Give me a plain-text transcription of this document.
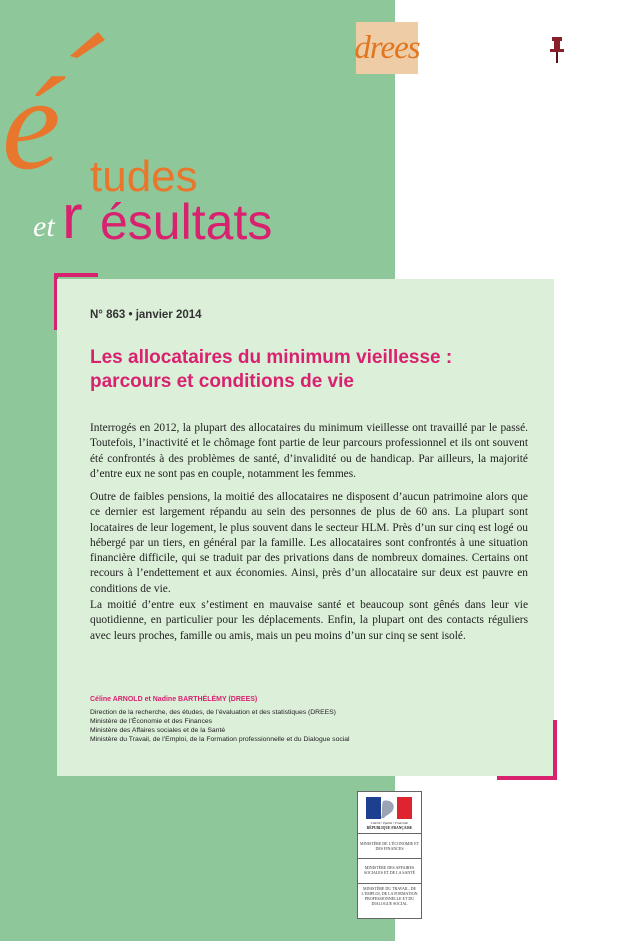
drees
é tudes
et r ésultats
N° 863 • janvier 2014
Les allocataires du minimum vieillesse :
parcours et conditions de vie

Interrogés en 2012, la plupart des allocataires du minimum vieillesse ont travaillé par le passé. Toutefois, l’inactivité et le chômage font partie de leur parcours professionnel et ils ont souvent été confrontés à des problèmes de santé, d’invalidité ou de handicap. Par ailleurs, la majorité d’entre eux ne sont pas en couple, notamment les femmes.

Outre de faibles pensions, la moitié des allocataires ne disposent d’aucun patrimoine alors que ce dernier est largement répandu au sein des personnes de plus de 60 ans. La plupart sont locataires de leur logement, le plus souvent dans le secteur HLM. Près d’un sur cinq est logé ou hébergé par un tiers, en général par la famille. Les allocataires sont confrontés à une situation financière difficile, qui se traduit par des privations dans de nombreux domaines. Certains ont recours à l’endettement et aux économies. Ainsi, près d’un allocataire sur deux est pauvre en conditions de vie.

La moitié d’entre eux s’estiment en mauvaise santé et beaucoup sont gênés dans leur vie quotidienne, en particulier pour les déplacements. Enfin, la plupart ont des contacts réguliers avec leurs proches, famille ou amis, mais un peu moins d’un sur cinq se sent isolé.

Céline ARNOLD et Nadine BARTHÉLÉMY (DREES)
Direction de la recherche, des études, de l’évaluation et des statistiques (DREES)
Ministère de l’Économie et des Finances
Ministère des Affaires sociales et de la Santé
Ministère du Travail, de l’Emploi, de la Formation professionnelle et du Dialogue social
Liberté • Égalité • Fraternité
RÉPUBLIQUE FRANÇAISE
MINISTÈRE DE L’ÉCONOMIE ET DES FINANCES
MINISTÈRE DES AFFAIRES SOCIALES ET DE LA SANTÉ
MINISTÈRE DU TRAVAIL, DE L’EMPLOI, DE LA FORMATION PROFESSIONNELLE ET DU DIALOGUE SOCIAL
